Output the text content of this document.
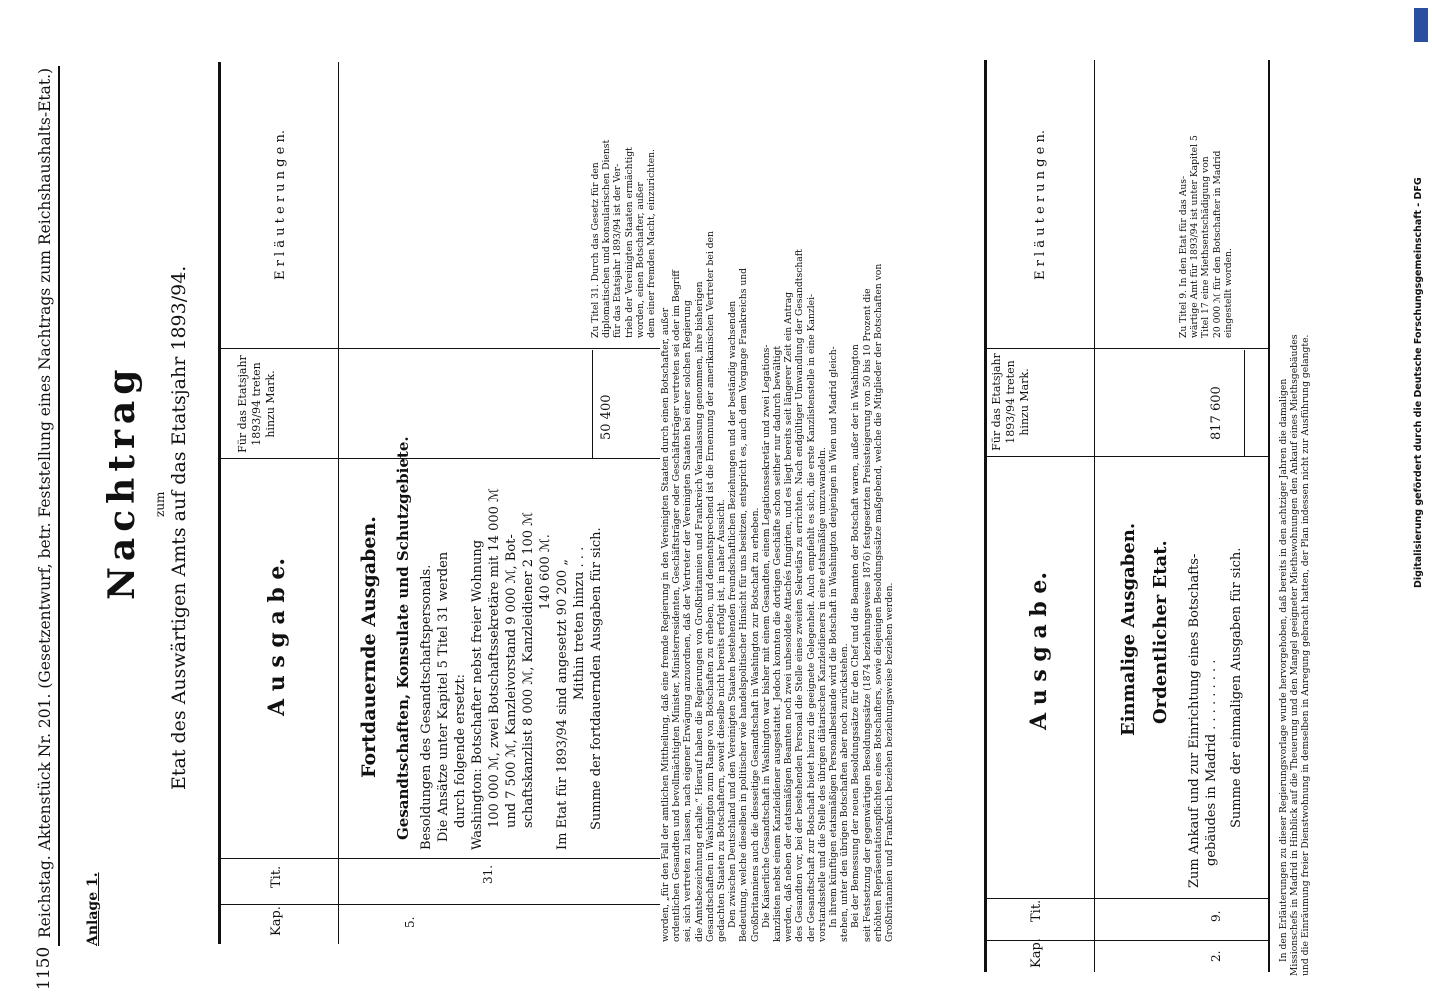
1150
Reichstag. Aktenstück Nr. 201. (Gesetzentwurf, betr. Feststellung eines Nachtrags zum Reichshaushalts-Etat.) Anlage 1.
Nachtrag zum Etat des Auswärtigen Amts auf das Etatsjahr 1893/94.
Kap.
Tit.
A u s g a b e.

Für das Etatsjahr 1893/94 treten hinzu Mark.

E r l ä u t e r u n g e n.
5.
31.
Fortdauernde Ausgaben. Gesandtschaften, Konsulate und Schutzgebiete. Besoldungen des Gesandtschaftspersonals. Die Ansätze unter Kapitel 5 Titel 31 werden durch folgende ersetzt: Washington: Botschafter nebst freier Wohnung 100 000 ℳ, zwei Botschaftssekretäre mit 14 000 ℳ und 7 500 ℳ, Kanzleivorstand 9 000 ℳ, Bot- schaftskanzlist 8 000 ℳ, Kanzleidiener 2 100 ℳ 140 600 ℳ. Im Etat für 1893/94 sind angesetzt 90 200 „ Mithin treten hinzu . . . Summe der fortdauernden Ausgaben für sich.

50 400

Zu Titel 31. Durch das Gesetz für den diplomatischen und konsularischen Dienst für das Etatsjahr 1893/94 ist der Ver- trieb der Vereinigten Staaten ermächtigt worden, einen Botschafter, außer dem einer fremden Macht, einzurichten.

worden, „für den Fall der amtlichen Mittheilung, daß eine fremde Regierung in den Vereinigten Staaten durch einen Botschafter, außer ordentlichen Gesandten und bevollmächtigten Minister, Ministerresidenten, Geschäftsträger oder Geschäftsträger vertreten sei oder im Begriff sei, sich vertreten zu lassen, nach eigener Erwägung anzuordnen, daß der Vertreter der Vereinigten Staaten bei einer solchen Regierung die Amtsbezeichnung erhalte.“ Hierauf haben die Regierungen von Großbritannien und Frankreich Veranlassung genommen, ihre bisherigen Gesandtschaften in Washington zum Range von Botschaften zu erheben, und dementsprechend ist die Ernennung der amerikanischen Vertreter bei den gedachten Staaten zu Botschaftern, soweit dieselbe nicht bereits erfolgt ist, in naher Aussicht. Den zwischen Deutschland und den Vereinigten Staaten bestehenden freundschaftlichen Beziehungen und der beständig wachsenden Bedeutung, welche dieselben in politischer wie handelspolitischer Hinsicht für uns besitzen, entspricht es, auch dem Vorgange Frankreichs und Großbritanniens auch die diesseitige Gesandtschaft in Washington zur Botschaft zu erheben. Die Kaiserliche Gesandtschaft in Washington war bisher mit einem Gesandten, einem Legationssekretär und zwei Legations- kanzlisten nebst einem Kanzleidiener ausgestattet. Jedoch konnten die dortigen Geschäfte schon seither nur dadurch bewältigt werden, daß neben der etatsmäßigen Beamten noch zwei unbesoldete Attachés fungirten, und es liegt bereits seit längerer Zeit ein Antrag des Gesandten vor, bei der bestehenden Personal die Stelle eines zweiten Sekretärs zu errichten. Nach endgültiger Umwandlung der Gesandtschaft der Gesandtschaft zur Botschaft bietet hierzu die geeignete Gelegenheit. Auch empfiehlt es sich, die erste Kanzlistenstelle in eine Kanzlei- vorstandsstelle und die Stelle des übrigen diätarischen Kanzleidieners in eine etatsmäßige umzuwandeln. In ihrem künftigen etatsmäßigen Personalbestande wird die Botschaft in Washington denjenigen in Wien und Madrid gleich- stehen, unter den übrigen Botschaften aber noch zurückstehen. Bei der Bemessung der neuen Besoldungssätze für den Chef und die Beamten der Botschaft waren, außer der in Washington seit Festsetzung der gegenwärtigen Besoldungssätze (1874 beziehungsweise 1876) festgesetzten Preissteigerung von 50 bis 10 Prozent die erhöhten Repräsentationspflichten eines Botschafters, sowie diejenigen Besoldungssätze maßgebend, welche die Mitglieder der Botschaften von Großbritannien und Frankreich beziehen beziehungsweise beziehen werden.

Kap.
Tit.
A u s g a b e.

Für das Etatsjahr 1893/94 treten hinzu Mark.

E r l ä u t e r u n g e n.
2.
9.
Einmalige Ausgaben. Ordentlicher Etat. Zum Ankauf und zur Einrichtung eines Botschafts- gebäudes in Madrid . . . . . . . . . Summe der einmaligen Ausgaben für sich.

817 600

Zu Titel 9. In den Etat für das Aus- wärtige Amt für 1893/94 ist unter Kapitel 5 Titel 17 eine Miethsentschädigung von 20 000 ℳ für den Botschafter in Madrid eingestellt worden.

In den Erläuterungen zu dieser Regierungsvorlage wurde hervorgehoben, daß bereits in den achtziger Jahren die damaligen Missionschefs in Madrid in Hinblick auf die Theuerung und den Mangel geeigneter Miethswohnungen den Ankauf eines Miethsgebäudes und die Einräumung freier Dienstwohnung in demselben in Anregung gebracht hatten, der Plan indessen nicht zur Ausführung gelangte.	Digitalisierung gefördert durch die Deutsche Forschungsgemeinschaft - DFG
